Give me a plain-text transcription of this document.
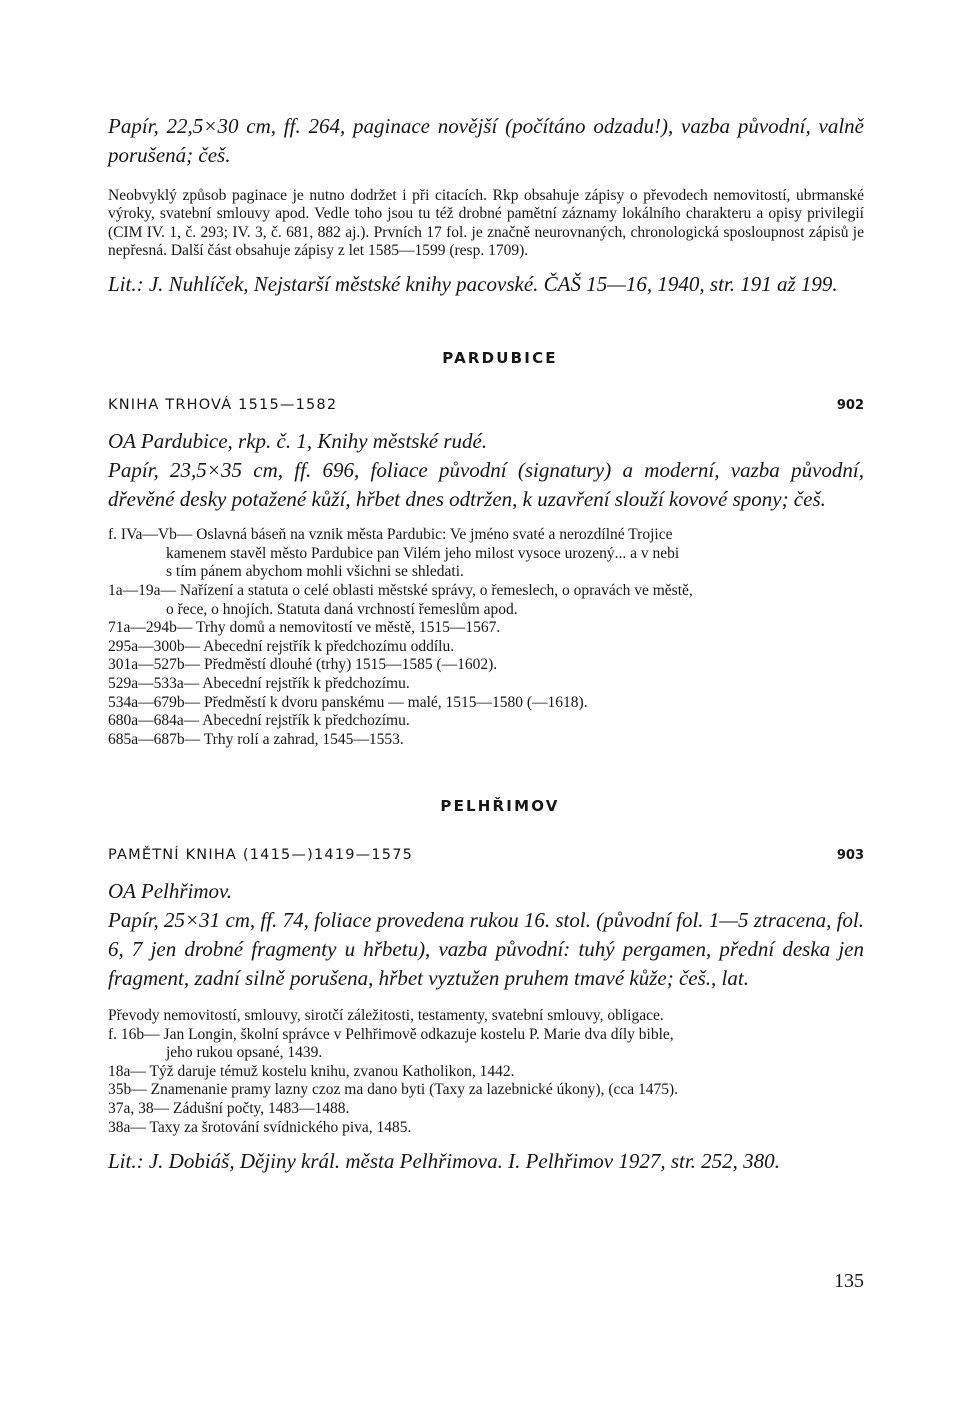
Papír, 22,5×30 cm, ff. 264, paginace novější (počítáno odzadu!), vazba původní, valně porušená; češ.

Neobvyklý způsob paginace je nutno dodržet i při citacích. Rkp obsahuje zápisy o převodech nemovitostí, ubrmanské výroky, svatební smlouvy apod. Vedle toho jsou tu též drobné pamětní záznamy lokálního charakteru a opisy privilegií (CIM IV. 1, č. 293; IV. 3, č. 681, 882 aj.). Prvních 17 fol. je značně neurovnaných, chronologická sposloupnost zápisů je nepřesná. Další část obsahuje zápisy z let 1585—1599 (resp. 1709).

Lit.: J. Nuhlíček, Nejstarší městské knihy pacovské. ČAŠ 15—16, 1940, str. 191 až 199.

PARDUBICE

KNIHA TRHOVÁ 1515—1582	902

OA Pardubice, rkp. č. 1, Knihy městské rudé.

Papír, 23,5×35 cm, ff. 696, foliace původní (signatury) a moderní, vazba původní, dřevěné desky potažené kůží, hřbet dnes odtržen, k uzavření slouží kovové spony; češ.

f. IVa—Vb — Oslavná báseň na vznik města Pardubic: Ve jméno svaté a nerozdílné Trojice
kamenem stavěl město Pardubice pan Vilém jeho milost vysoce urozený... a v nebi
s tím pánem abychom mohli všichni se shledati.
1a—19a — Nařízení a statuta o celé oblasti městské správy, o řemeslech, o opravách ve městě,
o řece, o hnojích. Statuta daná vrchností řemeslům apod.
71a—294b — Trhy domů a nemovitostí ve městě, 1515—1567.
295a—300b — Abecední rejstřík k předchozímu oddílu.
301a—527b — Předměstí dlouhé (trhy) 1515—1585 (—1602).
529a—533a — Abecední rejstřík k předchozímu.
534a—679b — Předměstí k dvoru panskému — malé, 1515—1580 (—1618).
680a—684a — Abecední rejstřík k předchozímu.
685a—687b — Trhy rolí a zahrad, 1545—1553.

PELHŘIMOV

PAMĚTNÍ KNIHA (1415—)1419—1575	903

OA Pelhřimov.

Papír, 25×31 cm, ff. 74, foliace provedena rukou 16. stol. (původní fol. 1—5 ztracena, fol. 6, 7 jen drobné fragmenty u hřbetu), vazba původní: tuhý pergamen, přední deska jen fragment, zadní silně porušena, hřbet vyztužen pruhem tmavé kůže; češ., lat.

Převody nemovitostí, smlouvy, sirotčí záležitosti, testamenty, svatební smlouvy, obligace.

f. 16b — Jan Longin, školní správce v Pelhřimově odkazuje kostelu P. Marie dva díly bible,
jeho rukou opsané, 1439.
18a — Týž daruje témuž kostelu knihu, zvanou Katholikon, 1442.
35b — Znamenanie pramy lazny czoz ma dano byti (Taxy za lazebnické úkony), (cca 1475).
37a, 38 — Zádušní počty, 1483—1488.
38a — Taxy za šrotování svídnického piva, 1485.

Lit.: J. Dobiáš, Dějiny král. města Pelhřimova. I. Pelhřimov 1927, str. 252, 380.

135
